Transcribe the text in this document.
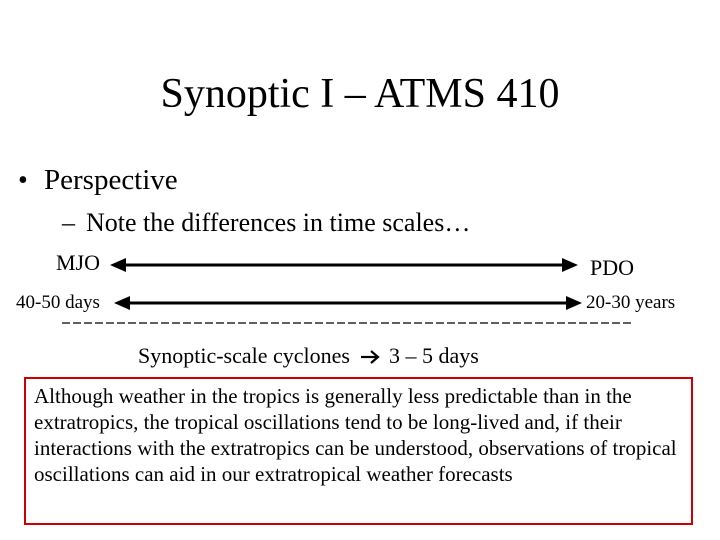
Synoptic I – ATMS 410
• Perspective
– Note the differences in time scales…
MJO	PDO
40-50 days	20-30 years
Synoptic-scale cyclones 3 – 5 days

Although weather in the tropics is generally less predictable than in the extratropics, the tropical oscillations tend to be long-lived and, if their interactions with the extratropics can be understood, observations of tropical oscillations can aid in our extratropical weather forecasts
